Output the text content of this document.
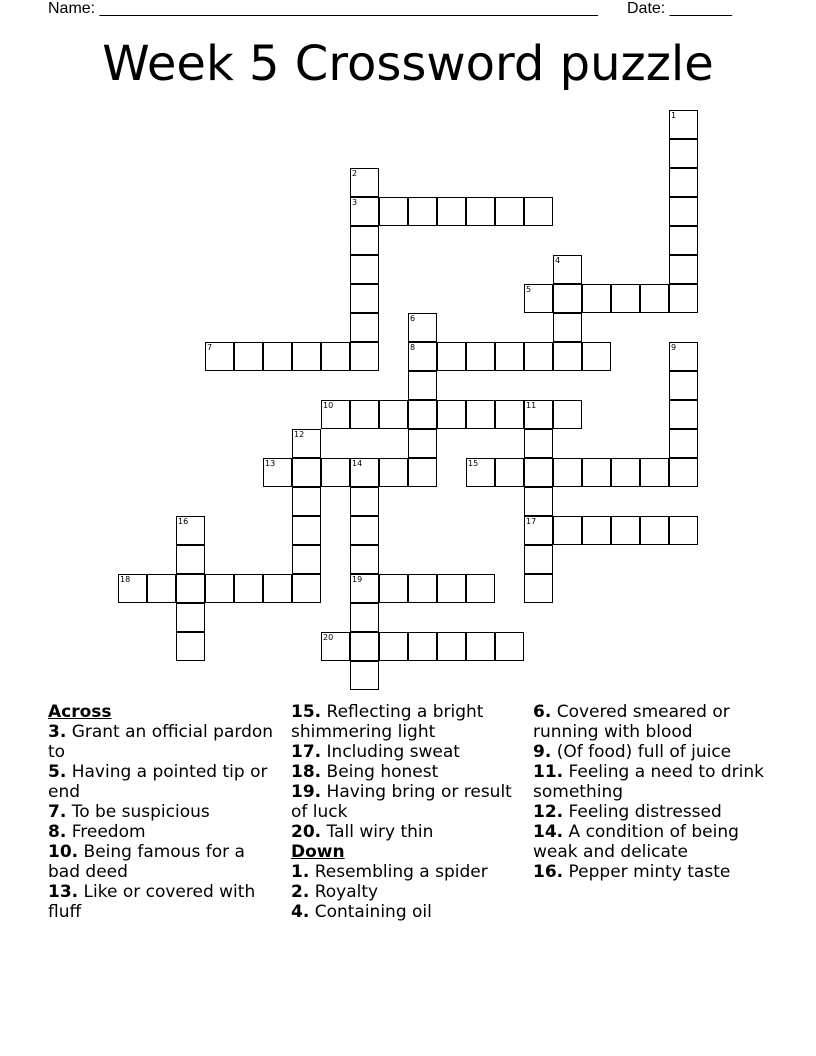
Name: ________________________________________________________ Date: _______
Week 5 Crossword puzzle
1
2
3
4
5
6
8
7	9
10	11
17
12
13	14
19
15
16
18
20

Across

3. Grant an official pardon to

5. Having a pointed tip or end

7. To be suspicious

8. Freedom

10. Being famous for a bad deed

13. Like or covered with fluff

15. Reflecting a bright shimmering light

17. Including sweat

18. Being honest

19. Having bring or result of luck

20. Tall wiry thin

Down

1. Resembling a spider

2. Royalty

4. Containing oil

6. Covered smeared or running with blood

9. (Of food) full of juice

11. Feeling a need to drink something

12. Feeling distressed

14. A condition of being weak and delicate

16. Pepper minty taste
